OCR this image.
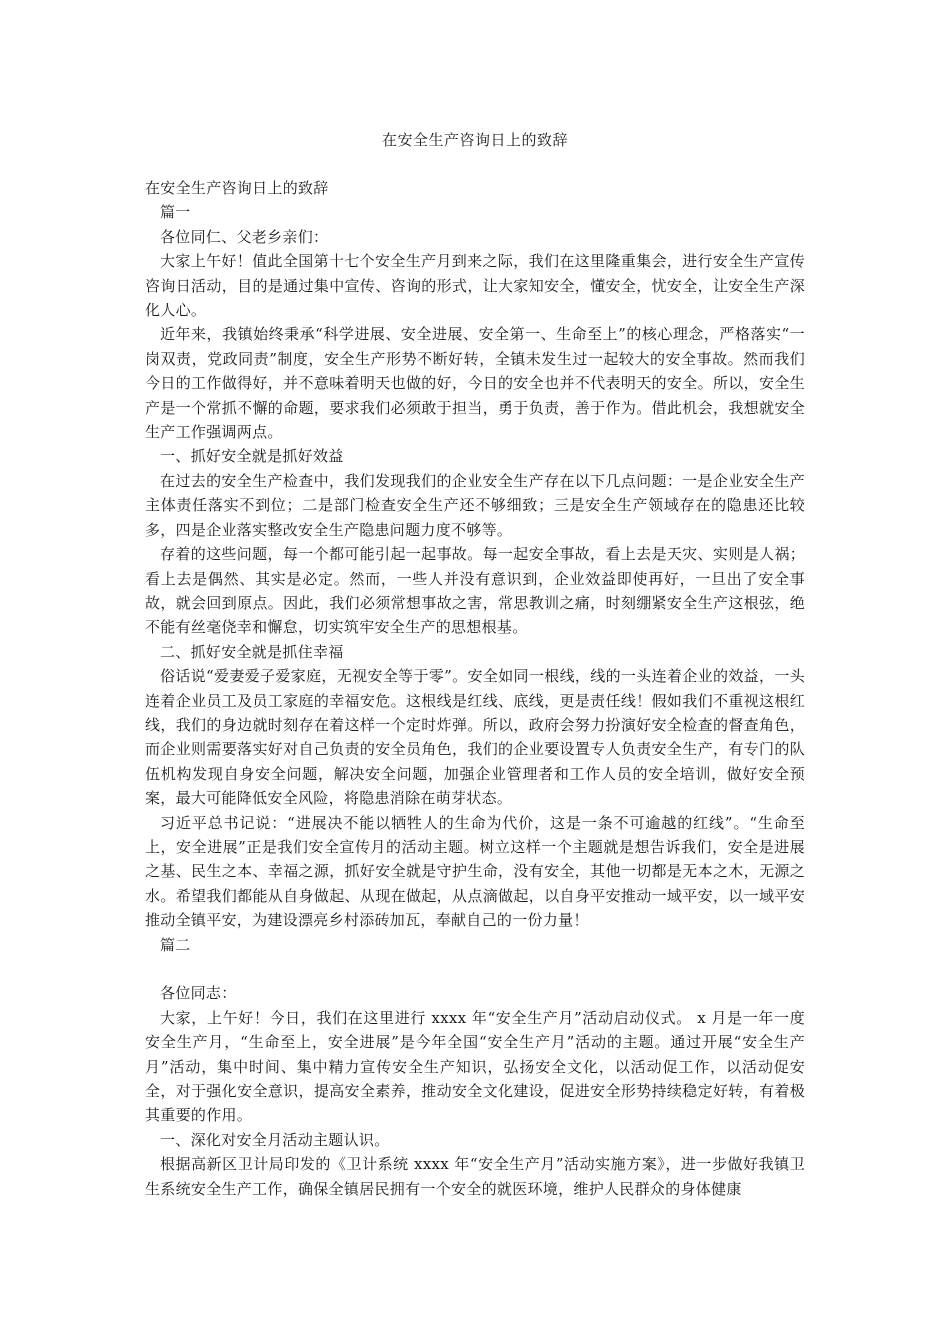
在安全生产咨询日上的致辞

在安全生产咨询日上的致辞

篇一

各位同仁、父老乡亲们：

大家上午好！值此全国第十七个安全生产月到来之际，我们在这里隆重集会，进行安全生产宣传咨询日活动，目的是通过集中宣传、咨询的形式，让大家知安全，懂安全，忧安全，让安全生产深化人心。

近年来，我镇始终秉承“科学进展、安全进展、安全第一、生命至上”的核心理念，严格落实“一岗双责，党政同责”制度，安全生产形势不断好转，全镇未发生过一起较大的安全事故。然而我们今日的工作做得好，并不意味着明天也做的好，今日的安全也并不代表明天的安全。所以，安全生产是一个常抓不懈的命题，要求我们必须敢于担当，勇于负责，善于作为。借此机会，我想就安全生产工作强调两点。

一、抓好安全就是抓好效益

在过去的安全生产检查中，我们发现我们的企业安全生产存在以下几点问题：一是企业安全生产主体责任落实不到位；二是部门检查安全生产还不够细致；三是安全生产领域存在的隐患还比较多，四是企业落实整改安全生产隐患问题力度不够等。

存着的这些问题，每一个都可能引起一起事故。每一起安全事故，看上去是天灾、实则是人祸；看上去是偶然、其实是必定。然而，一些人并没有意识到，企业效益即使再好，一旦出了安全事故，就会回到原点。因此，我们必须常想事故之害，常思教训之痛，时刻绷紧安全生产这根弦，绝不能有丝毫侥幸和懈怠，切实筑牢安全生产的思想根基。

二、抓好安全就是抓住幸福

俗话说“爱妻爱子爱家庭，无视安全等于零”。安全如同一根线，线的一头连着企业的效益，一头连着企业员工及员工家庭的幸福安危。这根线是红线、底线，更是责任线！假如我们不重视这根红线，我们的身边就时刻存在着这样一个定时炸弹。所以，政府会努力扮演好安全检查的督查角色，而企业则需要落实好对自己负责的安全员角色，我们的企业要设置专人负责安全生产，有专门的队伍机构发现自身安全问题，解决安全问题，加强企业管理者和工作人员的安全培训，做好安全预案，最大可能降低安全风险，将隐患消除在萌芽状态。

习近平总书记说：“进展决不能以牺牲人的生命为代价，这是一条不可逾越的红线”。“生命至上，安全进展”正是我们安全宣传月的活动主题。树立这样一个主题就是想告诉我们，安全是进展之基、民生之本、幸福之源，抓好安全就是守护生命，没有安全，其他一切都是无本之木，无源之水。希望我们都能从自身做起、从现在做起，从点滴做起，以自身平安推动一域平安，以一域平安推动全镇平安，为建设漂亮乡村添砖加瓦，奉献自己的一份力量！

篇二

各位同志：

大家，上午好！今日，我们在这里进行 xxxx 年“安全生产月”活动启动仪式。 x 月是一年一度安全生产月，“生命至上，安全进展”是今年全国“安全生产月”活动的主题。通过开展“安全生产月”活动，集中时间、集中精力宣传安全生产知识，弘扬安全文化，以活动促工作，以活动促安全，对于强化安全意识，提高安全素养，推动安全文化建设，促进安全形势持续稳定好转，有着极其重要的作用。

一、深化对安全月活动主题认识。

根据高新区卫计局印发的《卫计系统 xxxx 年“安全生产月”活动实施方案》，进一步做好我镇卫生系统安全生产工作，确保全镇居民拥有一个安全的就医环境，维护人民群众的身体健康
